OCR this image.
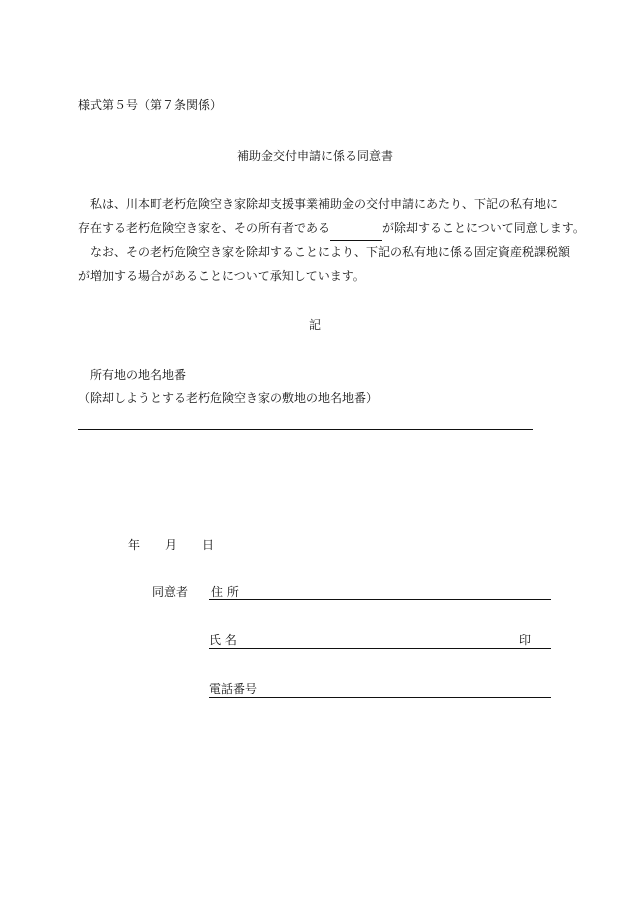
様式第５号（第７条関係）
補助金交付申請に係る同意書
私は、川本町老朽危険空き家除却支援事業補助金の交付申請にあたり、下記の私有地に
存在する老朽危険空き家を、その所有者である	が除却することについて同意します。
なお、その老朽危険空き家を除却することにより、下記の私有地に係る固定資産税課税額
が増加する場合があることについて承知しています。
記
所有地の地名地番
（除却しようとする老朽危険空き家の敷地の地名地番）
年 月 日
同意者 住 所
氏 名	印
電話番号
